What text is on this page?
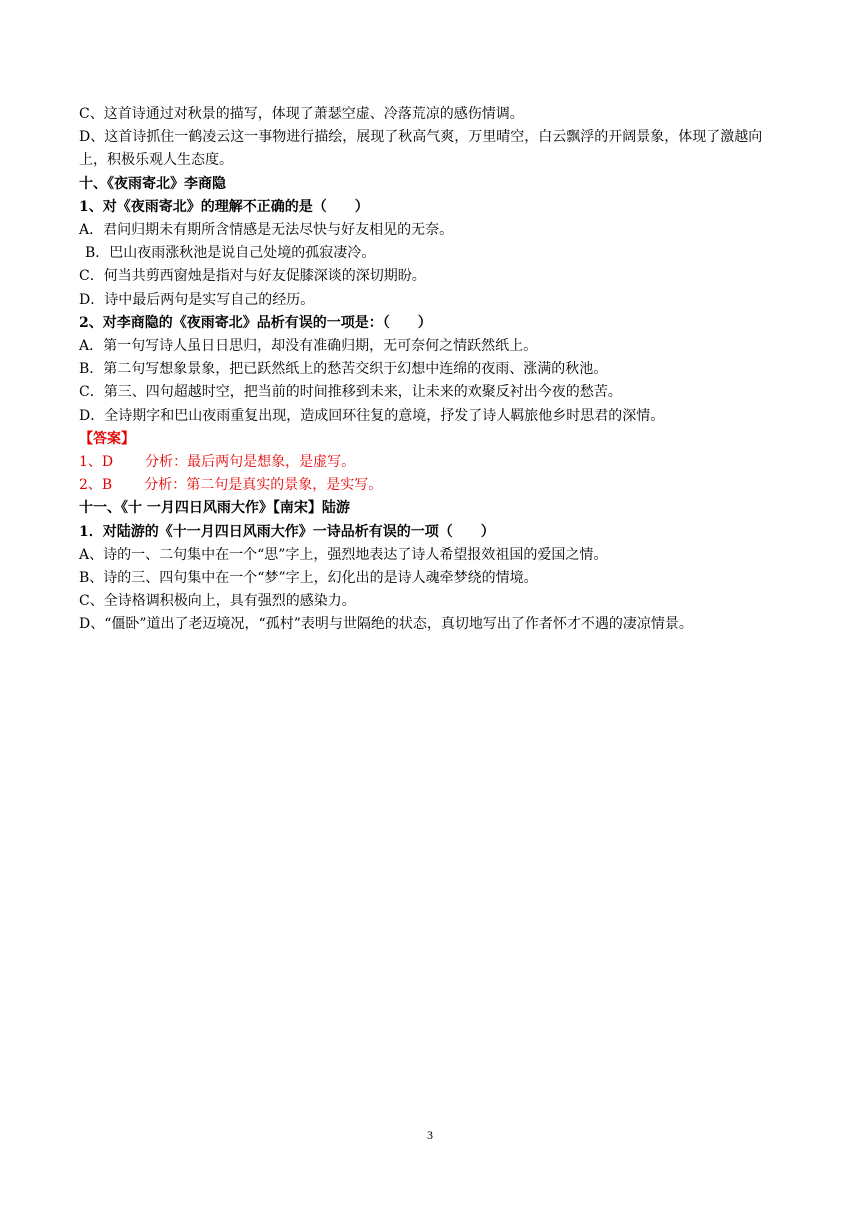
C、这首诗通过对秋景的描写，体现了萧瑟空虚、冷落荒凉的感伤情调。
D、这首诗抓住一鹤凌云这一事物进行描绘，展现了秋高气爽，万里晴空，白云飘浮的开阔景象，体现了激越向上，积极乐观人生态度。
十、《夜雨寄北》李商隐
1、对《夜雨寄北》的理解不正确的是（　　）
A．君问归期未有期所含情感是无法尽快与好友相见的无奈。
B．巴山夜雨涨秋池是说自己处境的孤寂凄冷。
C．何当共剪西窗烛是指对与好友促膝深谈的深切期盼。
D．诗中最后两句是实写自己的经历。
2、对李商隐的《夜雨寄北》品析有误的一项是：（　　）
A．第一句写诗人虽日日思归，却没有准确归期，无可奈何之情跃然纸上。
B．第二句写想象景象，把已跃然纸上的愁苦交织于幻想中连绵的夜雨、涨满的秋池。
C．第三、四句超越时空，把当前的时间推移到未来，让未来的欢聚反衬出今夜的愁苦。
D．全诗期字和巴山夜雨重复出现，造成回环往复的意境，抒发了诗人羁旅他乡时思君的深情。
【答案】
1、D 分析：最后两句是想象，是虚写。
2、B 分析：第二句是真实的景象，是实写。
十一、《十 一月四日风雨大作》【南宋】陆游
1．对陆游的《十一月四日风雨大作》一诗品析有误的一项（　　）
A、诗的一、二句集中在一个“思”字上，强烈地表达了诗人希望报效祖国的爱国之情。
B、诗的三、四句集中在一个“梦”字上，幻化出的是诗人魂牵梦绕的情境。
C、全诗格调积极向上，具有强烈的感染力。
D、“僵卧”道出了老迈境况，“孤村”表明与世隔绝的状态，真切地写出了作者怀才不遇的凄凉情景。
3
